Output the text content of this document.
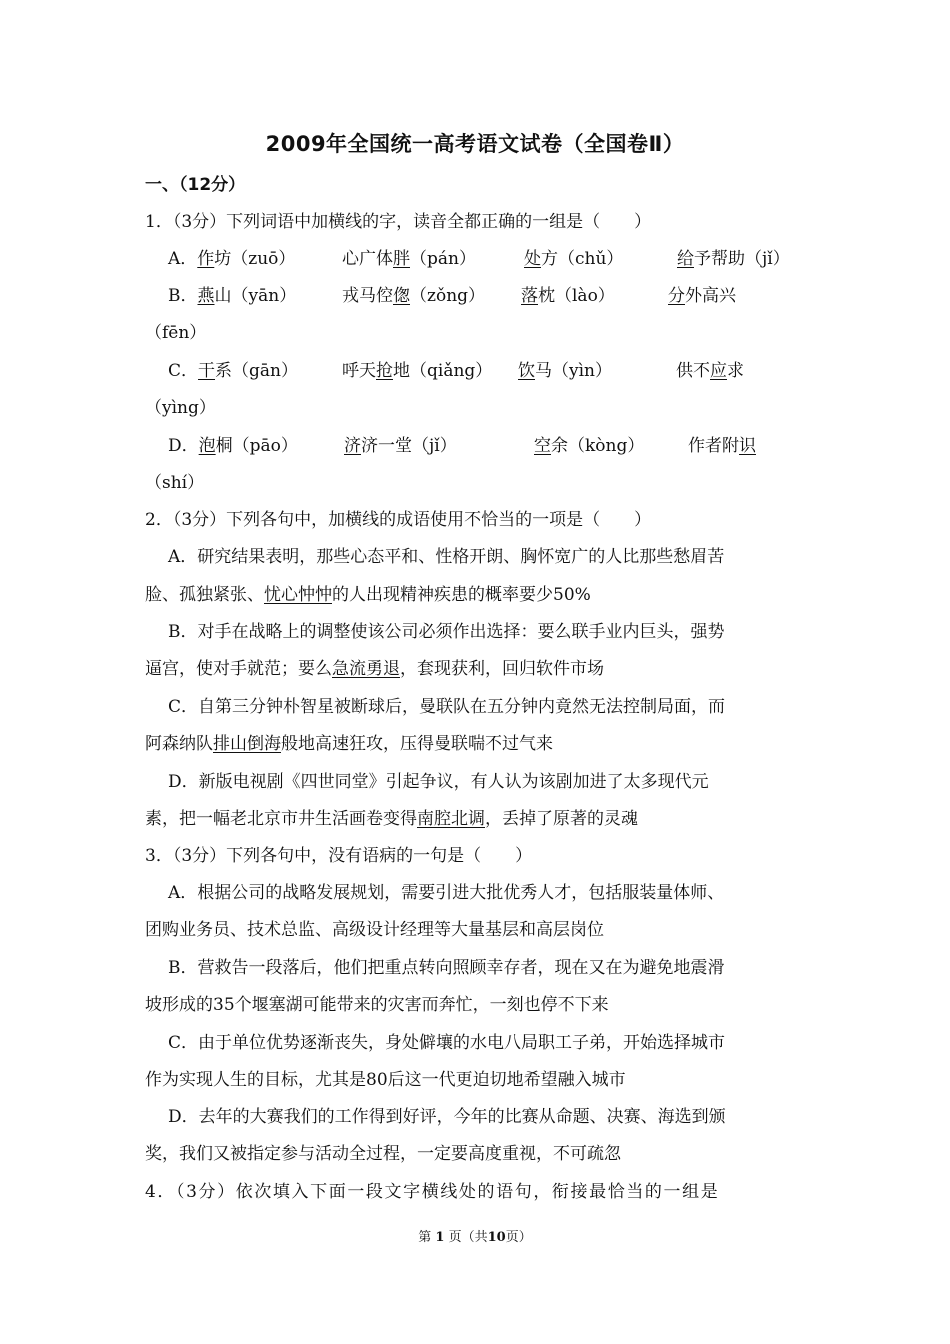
2009年全国统一高考语文试卷（全国卷Ⅱ）
一、（12分）
1．（3分）下列词语中加横线的字，读音全都正确的一组是（　　）
A．作坊（zuō）	心广体胖（pán）	处方（chǔ）	给予帮助（jǐ）
B．燕山（yān）	戎马倥偬（zǒng） 落枕（lào）	分外高兴
（fēn）
C．干系（gān）	呼天抢地（qiǎng） 饮马（yìn）	供不应求
（yìng）
D．泡桐（pāo）	济济一堂（jǐ）	空余（kòng）	作者附识
（shí）
2．（3分）下列各句中，加横线的成语使用不恰当的一项是（　　）
A．研究结果表明，那些心态平和、性格开朗、胸怀宽广的人比那些愁眉苦
脸、孤独紧张、忧心忡忡的人出现精神疾患的概率要少50%
B．对手在战略上的调整使该公司必须作出选择：要么联手业内巨头，强势
逼宫，使对手就范；要么急流勇退，套现获利，回归软件市场
C．自第三分钟朴智星被断球后，曼联队在五分钟内竟然无法控制局面，而
阿森纳队排山倒海般地高速狂攻，压得曼联喘不过气来
D．新版电视剧《四世同堂》引起争议，有人认为该剧加进了太多现代元
素，把一幅老北京市井生活画卷变得南腔北调，丢掉了原著的灵魂
3．（3分）下列各句中，没有语病的一句是（　　）
A．根据公司的战略发展规划，需要引进大批优秀人才，包括服装量体师、
团购业务员、技术总监、高级设计经理等大量基层和高层岗位
B．营救告一段落后，他们把重点转向照顾幸存者，现在又在为避免地震滑
坡形成的35个堰塞湖可能带来的灾害而奔忙，一刻也停不下来
C．由于单位优势逐渐丧失，身处僻壤的水电八局职工子弟，开始选择城市
作为实现人生的目标，尤其是80后这一代更迫切地希望融入城市
D．去年的大赛我们的工作得到好评，今年的比赛从命题、决赛、海选到颁
奖，我们又被指定参与活动全过程，一定要高度重视，不可疏忽
4．（3分）依次填入下面一段文字横线处的语句，衔接最恰当的一组是
第 1 页（共10页）
